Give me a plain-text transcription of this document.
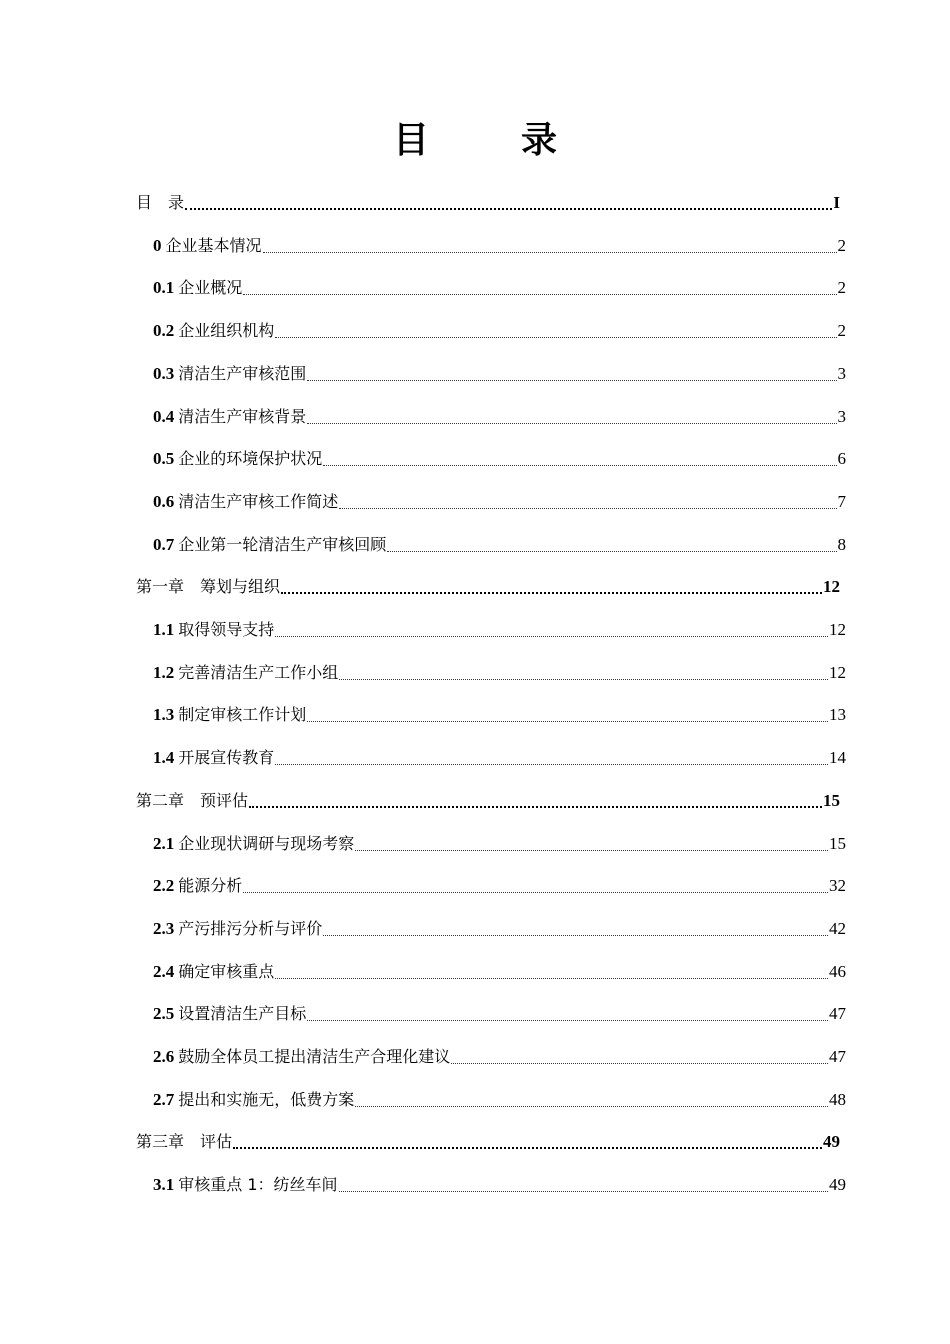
目　录
目　录	I
0 企业基本情况	2
0.1 企业概况	2
0.2 企业组织机构	2
0.3 清洁生产审核范围	3
0.4 清洁生产审核背景	3
0.5 企业的环境保护状况	6
0.6 清洁生产审核工作简述	7
0.7 企业第一轮清洁生产审核回顾	8
第一章　筹划与组织	12
1.1 取得领导支持	12
1.2 完善清洁生产工作小组	12
1.3 制定审核工作计划	13
1.4 开展宣传教育	14
第二章　预评估	15
2.1 企业现状调研与现场考察	15
2.2 能源分析	32
2.3 产污排污分析与评价	42
2.4 确定审核重点	46
2.5 设置清洁生产目标	47
2.6 鼓励全体员工提出清洁生产合理化建议	47
2.7 提出和实施无，低费方案	48
第三章　评估	49
3.1 审核重点 1：纺丝车间	49
